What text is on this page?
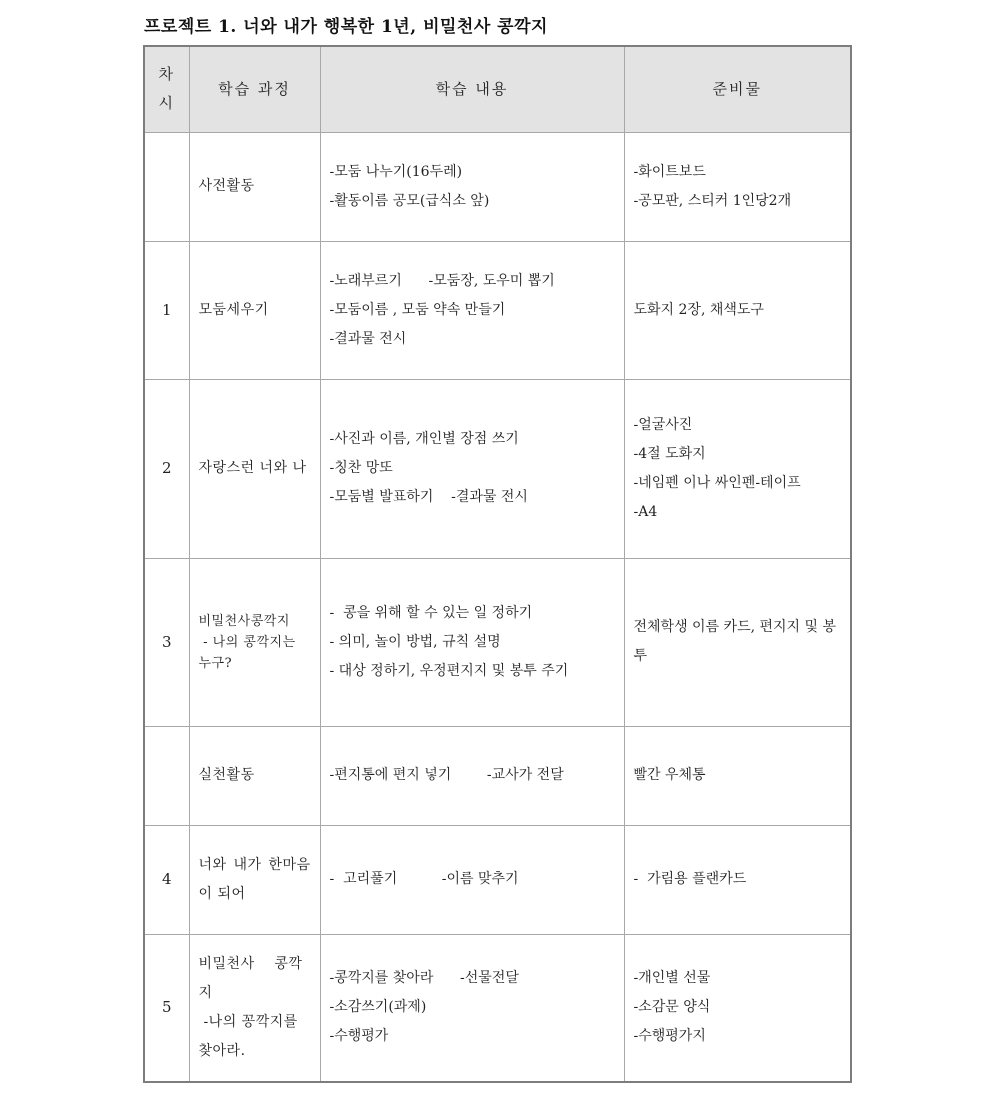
프로젝트 1. 너와 내가 행복한 1년, 비밀천사 콩깍지
차
시	학습 과정	학습 내용	준비물
	사전활동	-모둠 나누기(16두레)
-활동이름 공모(급식소 앞)	-화이트보드
-공모판, 스티커 1인당2개

1	모둠세우기	-노래부르기      -모둠장, 도우미 뽑기
-모둠이름 , 모둠 약속 만들기
-결과물 전시	도화지 2장, 채색도구

2	자랑스런 너와 나	-사진과 이름, 개인별 장점 쓰기
-칭찬 망또
-모둠별 발표하기    -결과물 전시	-얼굴사진
-4절 도화지
-네임펜 이나 싸인펜-테이프
-A4

3	비밀천사콩깍지
- 나의 콩깍지는
누구?	-  콩을 위해 할 수 있는 일 정하기
- 의미, 놀이 방법, 규칙 설명
- 대상 정하기, 우정편지지 및 봉투 주기	전체학생 이름 카드, 편지지 및 봉투

	실천활동	-편지통에 편지 넣기        -교사가 전달	빨간 우체통

4	너와 내가 한마음이 되어	-  고리풀기          -이름 맞추기	-  가림용 플랜카드

5	비밀천사    콩깍
지
-나의 꽁깍지를
찾아라.	-콩깍지를 찾아라      -선물전달
-소감쓰기(과제)
-수행평가	-개인별 선물
-소감문 양식
-수행평가지
